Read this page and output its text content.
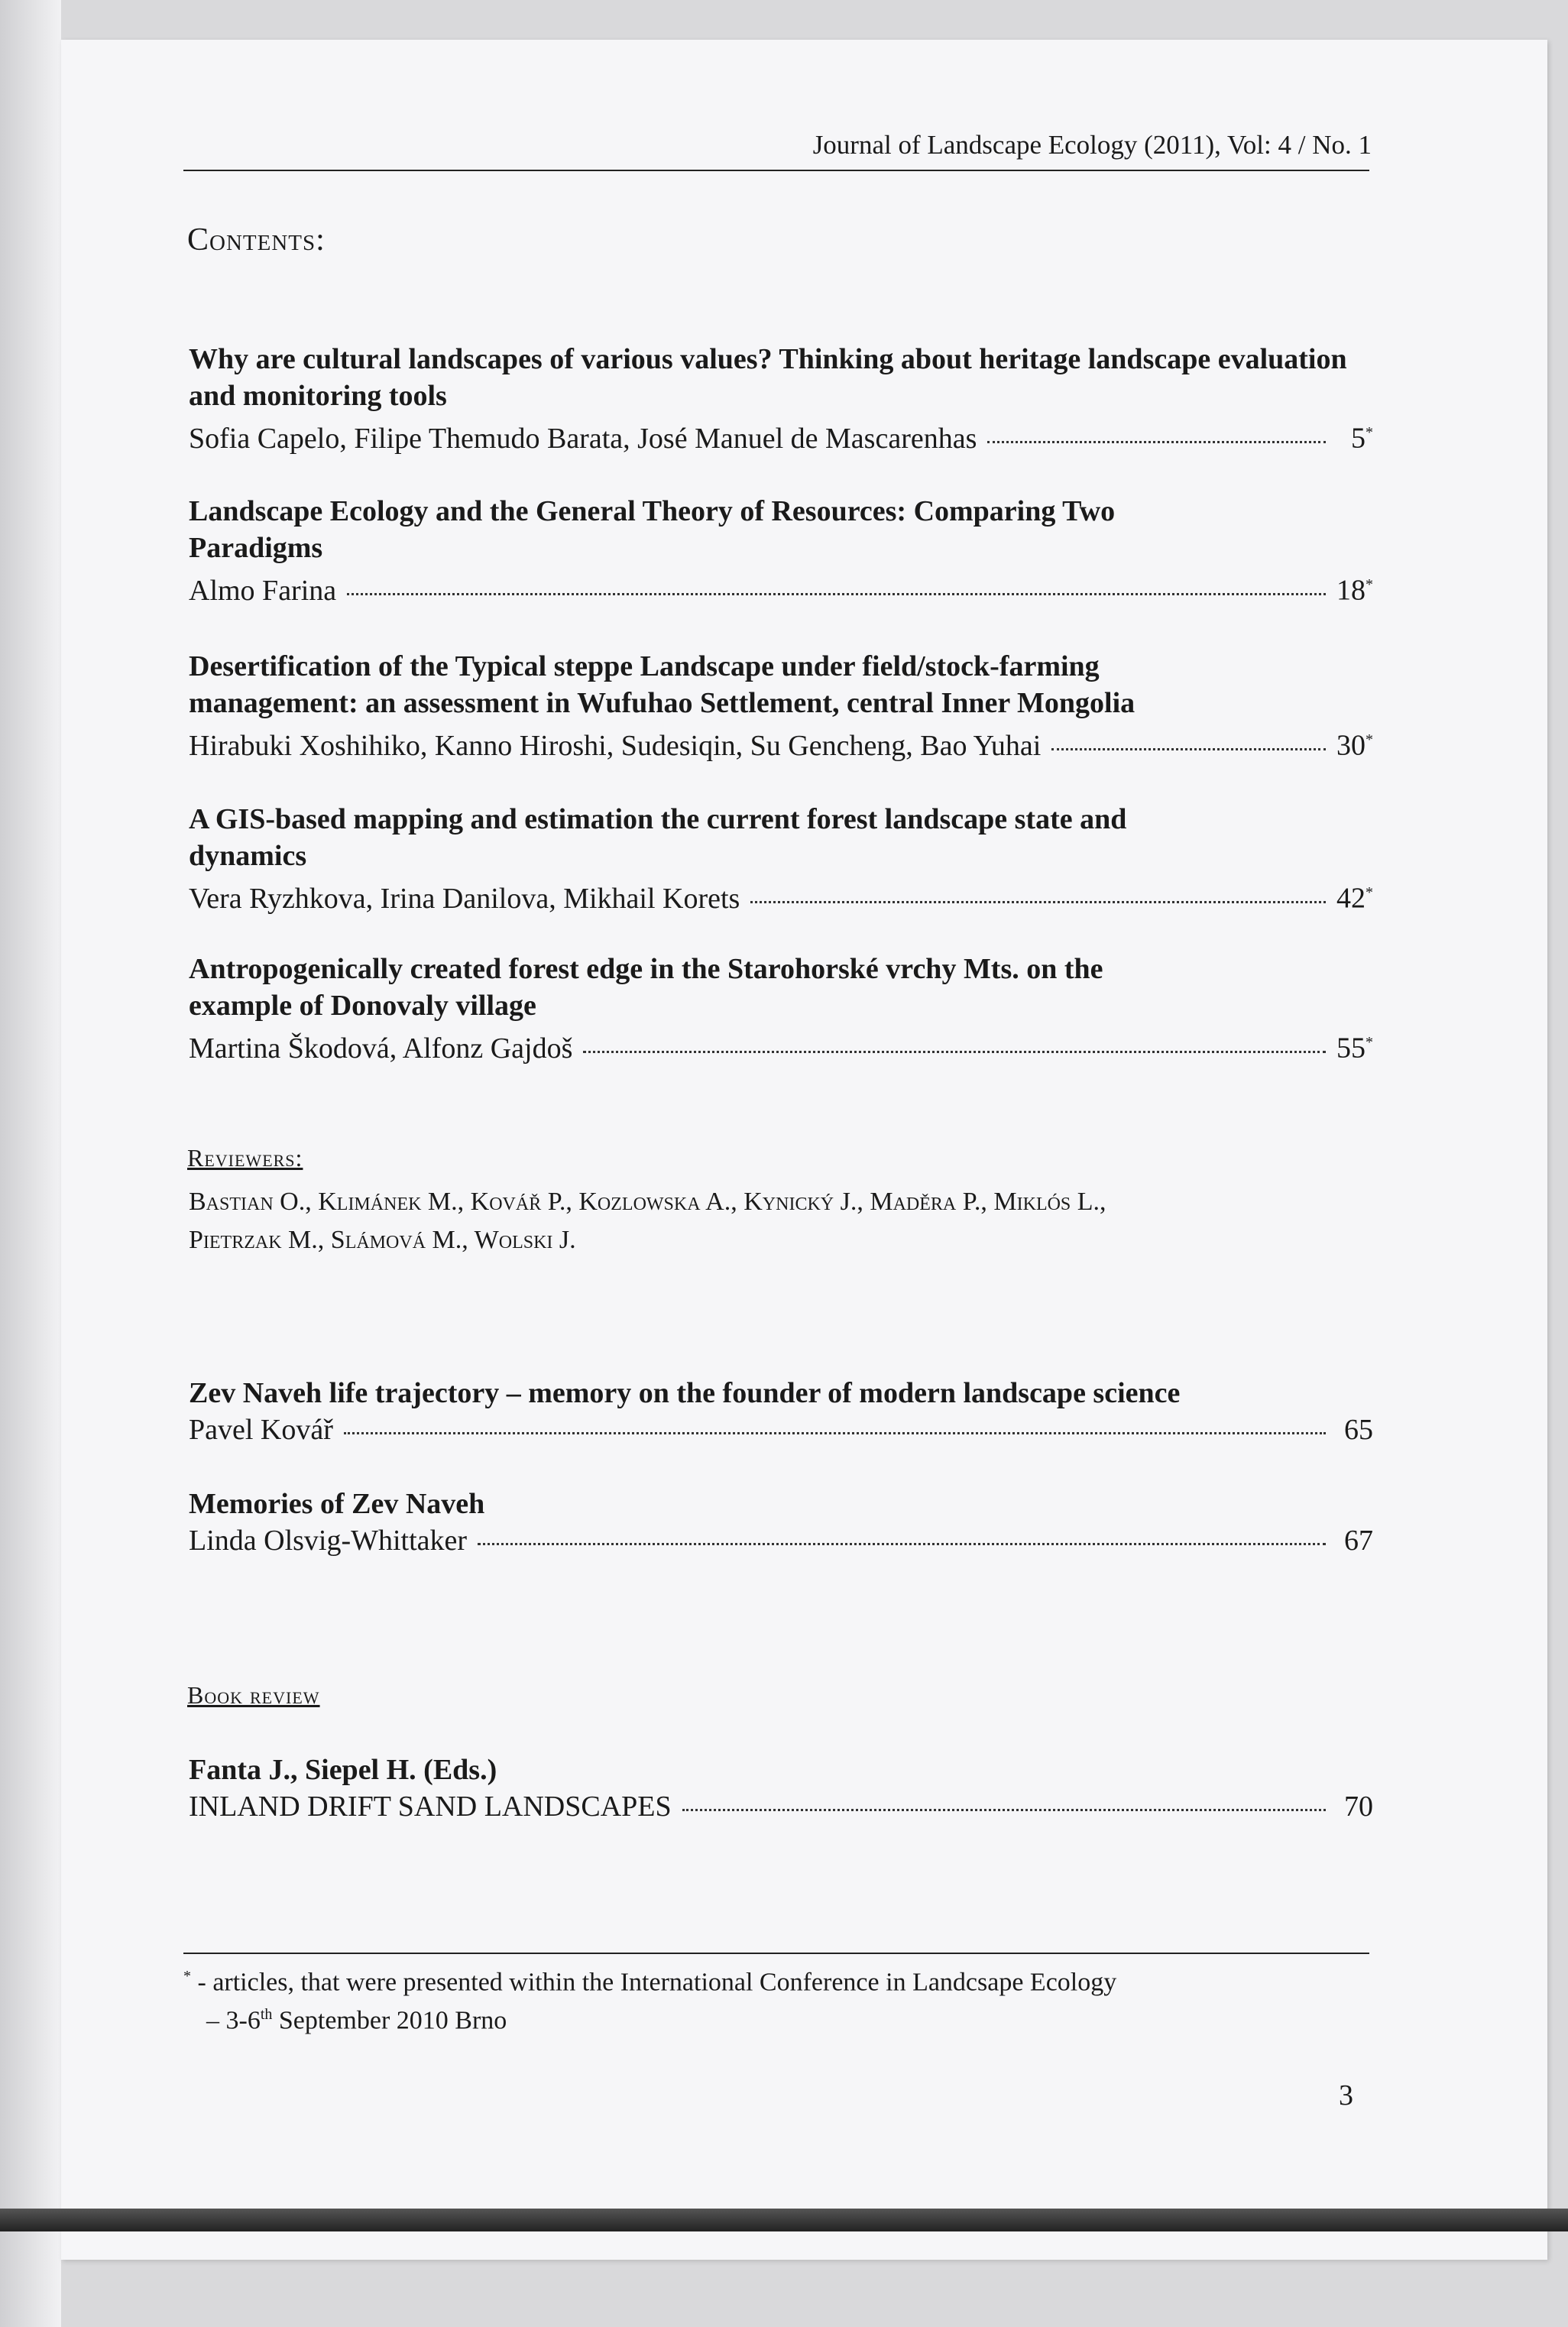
Journal of Landscape Ecology (2011), Vol: 4 / No. 1
Contents:
Why are cultural landscapes of various values? Thinking about heritage landscape evaluation and monitoring tools
Sofia Capelo, Filipe Themudo Barata, José Manuel de Mascarenhas	5*
Landscape Ecology and the General Theory of Resources: Comparing Two Paradigms
Almo Farina	18*
Desertification of the Typical steppe Landscape under field/stock-farming management: an assessment in Wufuhao Settlement, central Inner Mongolia
Hirabuki Xoshihiko, Kanno Hiroshi, Sudesiqin, Su Gencheng, Bao Yuhai	30*
A GIS-based mapping and estimation the current forest landscape state and dynamics
Vera Ryzhkova, Irina Danilova, Mikhail Korets	42*
Antropogenically created forest edge in the Starohorské vrchy Mts. on the example of Donovaly village
Martina Škodová, Alfonz Gajdoš	55*
Reviewers:
Bastian O., Klimánek M., Kovář P., Kozlowska A., Kynický J., Maděra P., Miklós L.,
Pietrzak M., Slámová M., Wolski J.
Zev Naveh life trajectory – memory on the founder of modern landscape science
Pavel Kovář	65
Memories of Zev Naveh
Linda Olsvig-Whittaker	67
Book review
Fanta J., Siepel H. (Eds.)
INLAND DRIFT SAND LANDSCAPES	70
* - articles, that were presented within the International Conference in Landcsape Ecology
– 3-6th September 2010 Brno
3
